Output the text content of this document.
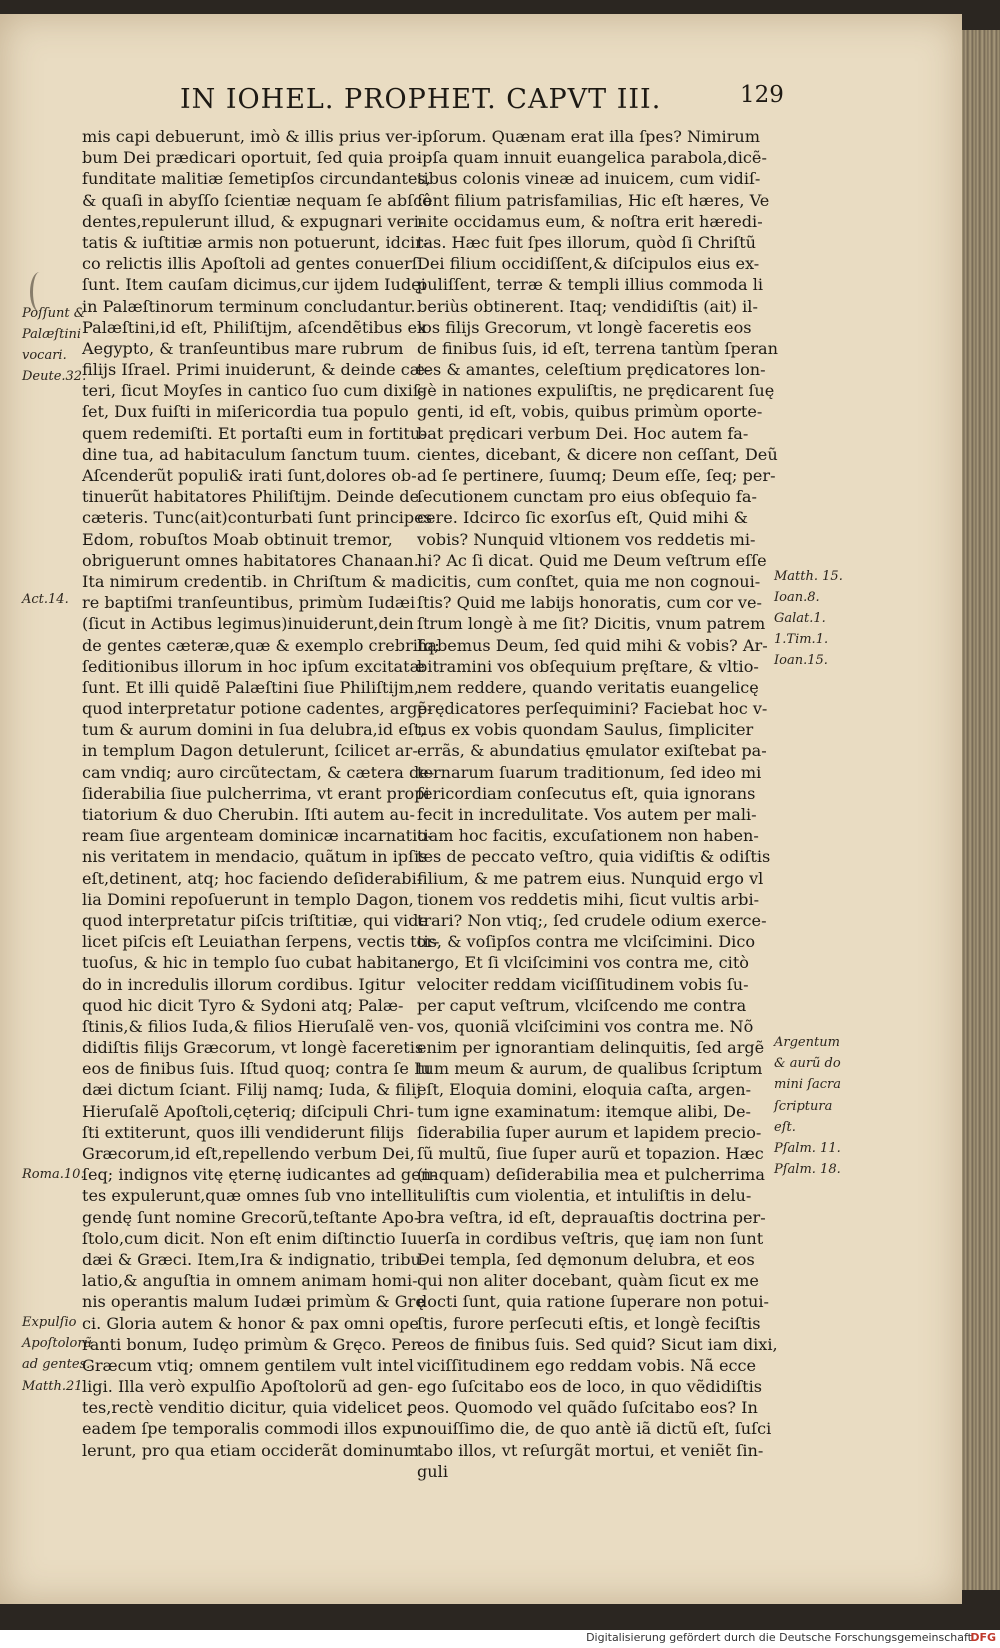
IN IOHEL. PROPHET. CAPVT III.	129
mis capi debuerunt, imò & illis prius ver-
bum Dei prædicari oportuit, ſed quia pro-
funditate malitiæ ſemetipſos circundantes,
& quaſi in abyſſo ſcientiæ nequam ſe abſcô
dentes,repulerunt illud, & expugnari veri-
tatis & iuſtitiæ armis non potuerunt, idcir-
co relictis illis Apoſtoli ad gentes conuerſi
ſunt. Item cauſam dicimus,cur ijdem Iudęi
in Palæſtinorum terminum concludantur.
Palæſtini,id eſt, Philiſtijm, aſcendẽtibus ex
Aegypto, & tranſeuntibus mare rubrum
filijs Iſrael. Primi inuiderunt, & deinde cæ-
teri, ſicut Moyſes in cantico ſuo cum dixiſ-
ſet, Dux fuiſti in miſericordia tua populo
quem redemiſti. Et portaſti eum in fortitu-
dine tua, ad habitaculum ſanctum tuum.
Aſcenderũt populi& irati ſunt,dolores ob-
tinuerũt habitatores Philiſtijm. Deinde de
cæteris. Tunc(ait)conturbati ſunt principes
Edom, robuſtos Moab obtinuit tremor,
obriguerunt omnes habitatores Chanaan.
Ita nimirum credentib. in Chriſtum & ma
re baptiſmi tranſeuntibus, primùm Iudæi
(ſicut in Actibus legimus)inuiderunt,dein
de gentes cæteræ,quæ & exemplo crebriſq;
ſeditionibus illorum in hoc ipſum excitatæ
ſunt. Et illi quidẽ Palæſtini ſiue Philiſtijm,
quod interpretatur potione cadentes, argẽ-
tum & aurum domini in ſua delubra,id eſt,
in templum Dagon detulerunt, ſcilicet ar-
cam vndiq; auro circũtectam, & cætera de-
ſiderabilia ſiue pulcherrima, vt erant propi
tiatorium & duo Cherubin. Iſti autem au-
ream ſiue argenteam dominicæ incarnatio-
nis veritatem in mendacio, quãtum in ipſis
eſt,detinent, atq; hoc faciendo deſiderabi-
lia Domini repoſuerunt in templo Dagon,
quod interpretatur piſcis triſtitiæ, qui vide
licet piſcis eſt Leuiathan ſerpens, vectis tor-
tuoſus, & hic in templo ſuo cubat habitan-
do in incredulis illorum cordibus. Igitur
quod hic dicit Tyro & Sydoni atq; Palæ-
ſtinis,& filios Iuda,& filios Hieruſalẽ ven-
didiſtis filijs Græcorum, vt longè faceretis
eos de finibus ſuis. Iſtud quoq; contra ſe Iu
dæi dictum ſciant. Filij namq; Iuda, & filij
Hieruſalẽ Apoſtoli,cęteriq; diſcipuli Chri-
ſti extiterunt, quos illi vendiderunt filijs
Græcorum,id eſt,repellendo verbum Dei,
ſeq; indignos vitę ęternę iudicantes ad gen-
tes expulerunt,quæ omnes ſub vno intelli-
gendę ſunt nomine Grecorũ,teſtante Apo-
ſtolo,cum dicit. Non eſt enim diſtinctio Iu
dæi & Græci. Item,Ira & indignatio, tribu-
latio,& anguſtia in omnem animam homi-
nis operantis malum Iudæi primùm & Grę
ci. Gloria autem & honor & pax omni ope
ranti bonum, Iudęo primùm & Gręco. Per
Græcum vtiq; omnem gentilem vult intel
ligi. Illa verò expulſio Apoſtolorũ ad gen-
tes,rectè venditio dicitur, quia videlicet ꝑ
eadem ſpe temporalis commodi illos expu
lerunt, pro qua etiam occiderãt dominum
ipſorum. Quænam erat illa ſpes? Nimirum
ipſa quam innuit euangelica parabola,dicẽ-
tibus colonis vineæ ad inuicem, cum vidiſ-
ſent filium patrisfamilias, Hic eſt hæres, Ve
nite occidamus eum, & noſtra erit hæredi-
tas. Hæc fuit ſpes illorum, quòd ſi Chriſtũ
Dei filium occidiſſent,& diſcipulos eius ex-
puliſſent, terræ & templi illius commoda li
beriùs obtinerent. Itaq; vendidiſtis (ait) il-
los filijs Grecorum, vt longè faceretis eos
de finibus ſuis, id eſt, terrena tantùm ſperan
tes & amantes, celeſtium prędicatores lon-
gè in nationes expuliſtis, ne prędicarent ſuę
genti, id eſt, vobis, quibus primùm oporte-
bat prędicari verbum Dei. Hoc autem fa-
cientes, dicebant, & dicere non ceſſant, Deũ
ad ſe pertinere, ſuumq; Deum eſſe, ſeq; per-
ſecutionem cunctam pro eius obſequio fa-
cere. Idcirco ſic exorſus eſt, Quid mihi &
vobis? Nunquid vltionem vos reddetis mi-
hi? Ac ſi dicat. Quid me Deum veſtrum eſſe
dicitis, cum conſtet, quia me non cognoui-
ſtis? Quid me labijs honoratis, cum cor ve-
ſtrum longè à me ſit? Dicitis, vnum patrem
habemus Deum, ſed quid mihi & vobis? Ar-
bitramini vos obſequium pręſtare, & vltio-
nem reddere, quando veritatis euangelicę
prędicatores perſequimini? Faciebat hoc v-
nus ex vobis quondam Saulus, ſimpliciter
errãs, & abundatius ęmulator exiſtebat pa-
ternarum ſuarum traditionum, ſed ideo mi
ſericordiam conſecutus eſt, quia ignorans
fecit in incredulitate. Vos autem per mali-
tiam hoc facitis, excuſationem non haben-
tes de peccato veſtro, quia vidiſtis & odiſtis
filium, & me patrem eius. Nunquid ergo vl
tionem vos reddetis mihi, ſicut vultis arbi-
trari? Non vtiq;, ſed crudele odium exerce-
tis, & voſipſos contra me vlciſcimini. Dico
ergo, Et ſi vlciſcimini vos contra me, citò
velociter reddam viciſſitudinem vobis ſu-
per caput veſtrum, vlciſcendo me contra
vos, quoniã vlciſcimini vos contra me. Nõ
enim per ignorantiam delinquitis, ſed argẽ
tum meum & aurum, de qualibus ſcriptum
eſt, Eloquia domini, eloquia caſta, argen-
tum igne examinatum: itemque alibi, De-
ſiderabilia ſuper aurum et lapidem precio-
ſũ multũ, ſiue ſuper aurũ et topazion. Hæc
(inquam) deſiderabilia mea et pulcherrima
tuliſtis cum violentia, et intuliſtis in delu-
bra veſtra, id eſt, deprauaſtis doctrina per-
uerſa in cordibus veſtris, quę iam non ſunt
Dei templa, ſed dęmonum delubra, et eos
qui non aliter docebant, quàm ſicut ex me
docti ſunt, quia ratione ſuperare non potui-
ſtis, furore perſecuti eſtis, et longè feciſtis
eos de finibus ſuis. Sed quid? Sicut iam dixi,
viciſſitudinem ego reddam vobis. Nã ecce
ego ſuſcitabo eos de loco, in quo vẽdidiſtis
eos. Quomodo vel quãdo ſuſcitabo eos? In
nouiſſimo die, de quo antè iã dictũ eſt, ſuſci
tabo illos, vt reſurgãt mortui, et veniẽt ſin-
guli
Poſſunt &
Palæſtini
vocari.
Deute.32.
Act.14.
Roma.10.
Expulſio
Apoſtolorũ
ad gentes.
Matth.21.
Matth. 15.
Ioan.8.
Galat.1.
1.Tim.1.
Ioan.15.
Argentum
& aurũ do
mini ſacra
ſcriptura
eſt.
Pſalm. 11.
Pſalm. 18.
Digitalisierung gefördert durch die Deutsche Forschungsgemeinschaft
DFG
